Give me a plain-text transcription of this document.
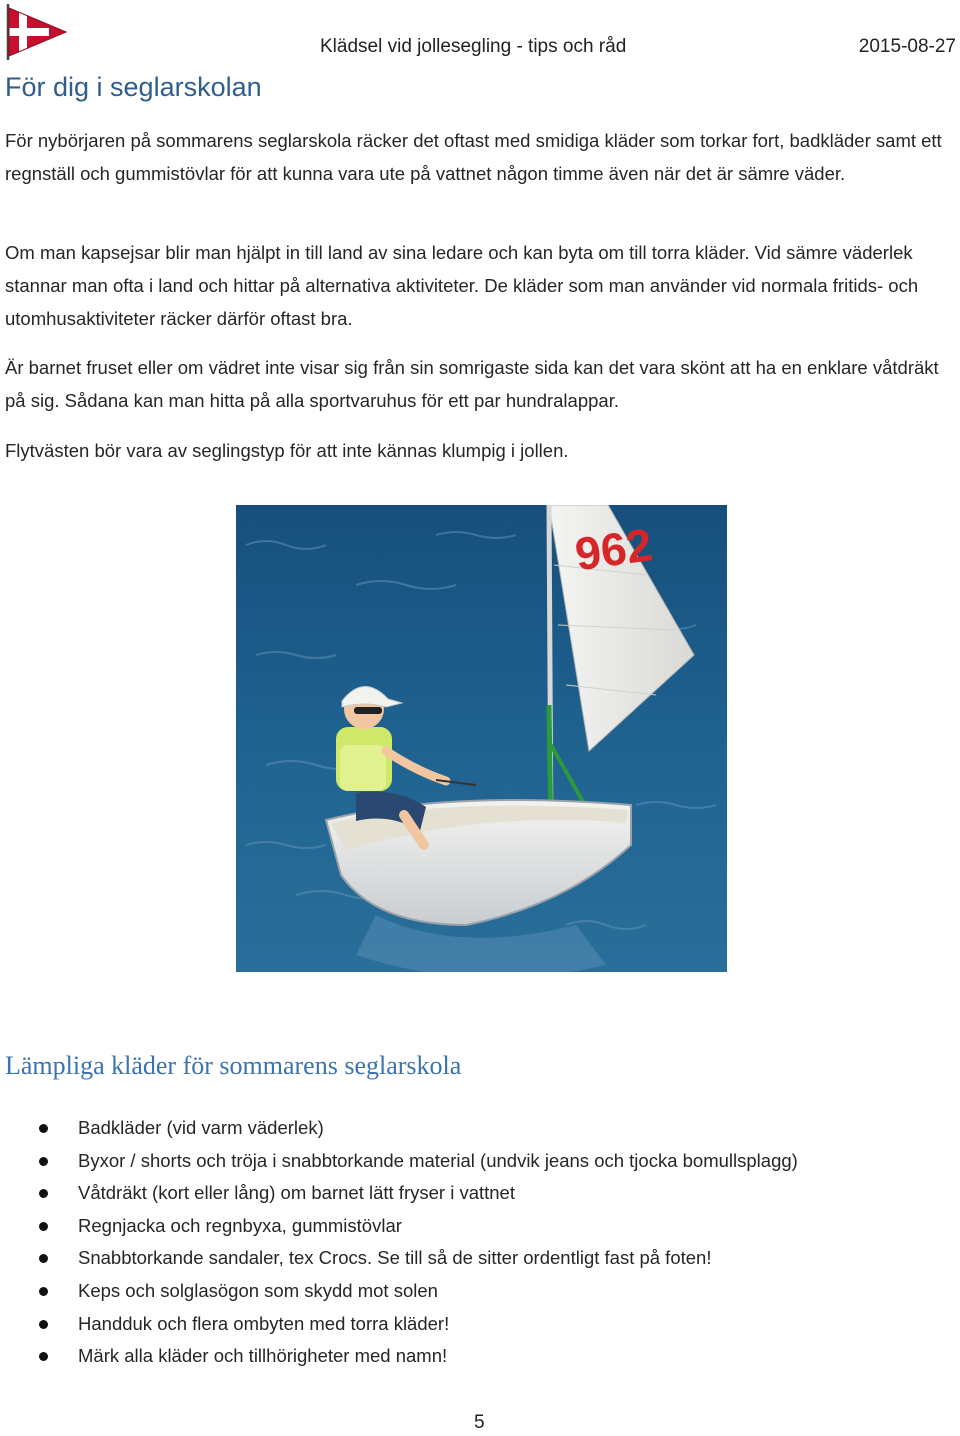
Klädsel vid jollesegling - tips och råd	2015-08-27
För dig i seglarskolan

För nybörjaren på sommarens seglarskola räcker det oftast med smidiga kläder som torkar fort, badkläder samt ett regnställ och gummistövlar för att kunna vara ute på vattnet någon timme även när det är sämre väder.

Om man kapsejsar blir man hjälpt in till land av sina ledare och kan byta om till torra kläder. Vid sämre väderlek stannar man ofta i land och hittar på alternativa aktiviteter. De kläder som man använder vid normala fritids- och utomhusaktiviteter räcker därför oftast bra.

Är barnet fruset eller om vädret inte visar sig från sin somrigaste sida kan det vara skönt att ha en enklare våtdräkt på sig. Sådana kan man hitta på alla sportvaruhus för ett par hundralappar.

Flytvästen bör vara av seglingstyp för att inte kännas klumpig i jollen.

962
Lämpliga kläder för sommarens seglarskola
Badkläder (vid varm väderlek)
Byxor / shorts och tröja i snabbtorkande material (undvik jeans och tjocka bomullsplagg)
Våtdräkt (kort eller lång) om barnet lätt fryser i vattnet
Regnjacka och regnbyxa, gummistövlar
Snabbtorkande sandaler, tex Crocs. Se till så de sitter ordentligt fast på foten!
Keps och solglasögon som skydd mot solen
Handduk och flera ombyten med torra kläder!
Märk alla kläder och tillhörigheter med namn!
5
